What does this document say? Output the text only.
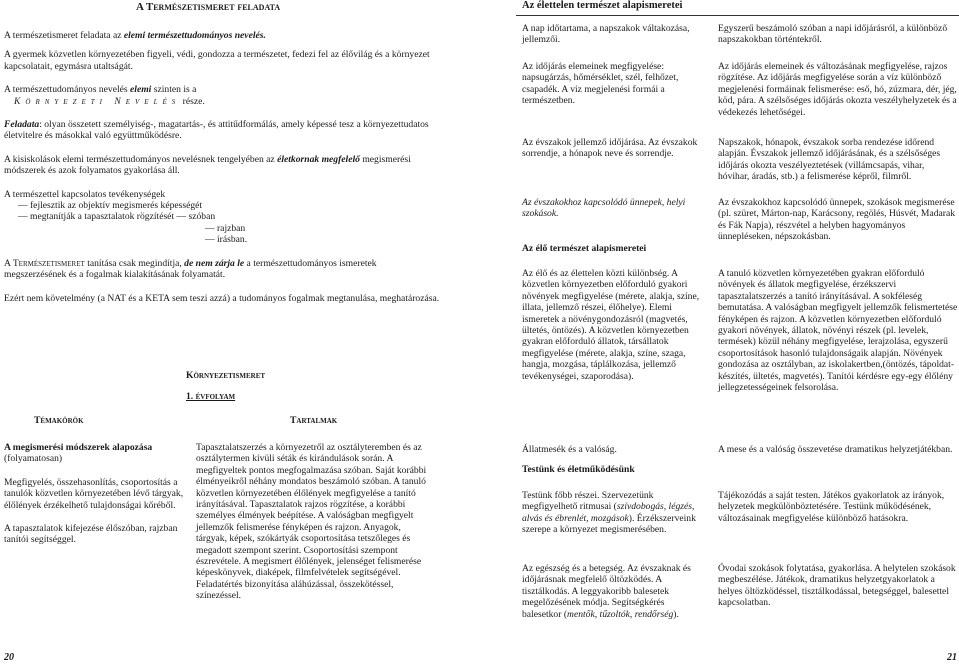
A Természetismeret feladata

A természetismeret feladata az elemi természettudományos nevelés.

A gyermek közvetlen környezetében figyeli, védi, gondozza a természetet, fedezi fel az élővilág és a környezet kapcsolatait, egymásra utaltságát.

A természettudományos nevelés elemi szinten is a

Környezeti Nevelés része.

Feladata: olyan összetett személyiség-, magatartás-, és attitűdformálás, amely képessé tesz a környezettudatos életvitelre és másokkal való együttműködésre.

A kisiskolások elemi természettudományos nevelésnek tengelyében az életkornak megfelelő megismerési módszerek és azok folyamatos gyakorlása áll.

A természettel kapcsolatos tevékenységek

— fejlesztik az objektív megismerés képességét

— megtanítják a tapasztalatok rögzítését — szóban

— rajzban

— írásban.

A Természetismeret tanítása csak megindítja, de nem zárja le a természettudományos ismeretek megszerzésének és a fogalmak kialakításának folyamatát.

Ezért nem követelmény (a NAT és a KETA sem teszi azzá) a tudományos fogalmak megtanulása, meghatározása.

Környezetismeret
1. évfolyam
Témakörök	Tartalmak

A megismerési módszerek alapozása

(folyamatosan)

Megfigyelés, összehasonlítás, csoportosítás a tanulók közvetlen környezetében lévő tárgyak, élőlények érzékelhető tulajdonságai kőréből.

A tapasztalatok kifejezése élőszóban, rajzban tanítói segítséggel.

Tapasztalatszerzés a környezetről az osztályteremben és az osztálytermen kívüli séták és kirándulások során. A megfigyeltek pontos megfogalmazása szóban. Saját korábbi élményeikről néhány mondatos beszámoló szóban. A tanuló közvetlen környezetében élőlények megfigyelése a tanító irányításával. Tapasztalatok rajzos rögzítése, a korábbi személyes élmények beépítése. A valóságban megfigyelt jellemzők felismerése fényképen és rajzon. Anyagok, tárgyak, képek, szókártyák csoportosítása tetszőleges és megadott szempont szerint. Csoportosítási szempont észrevétele. A megismert élőlények, jelenséget felismerése képeskönyvek, diaképek, filmfelvételek segítségével. Feladatértés bizonyítása aláhúzással, összekötéssel, színezéssel.

20
Az élettelen természet alapismeretei

A nap időtartama, a napszakok váltakozása, jellemzői.

Egyszerű beszámoló szóban a napi időjárásról, a különböző napszakokban történtekről.

Az időjárás elemeinek megfigyelése: napsugárzás, hőmérséklet, szél, felhőzet, csapadék. A víz megjelenési formái a természetben.

Az időjárás elemeinek és változásának megfigyelése, rajzos rögzítése. Az időjárás megfigyelése során a víz különböző megjelenési formáinak felismerése: eső, hó, zúzmara, dér, jég, köd, pára. A szélsőséges időjárás okozta veszélyhelyzetek és a védekezés lehetőségei.

Az évszakok jellemző időjárása. Az évszakok sorrendje, a hónapok neve és sorrendje.

Napszakok, hónapok, évszakok sorba rendezése időrend alapján. Évszakok jellemző időjárásának, és a szélsőséges időjárás okozta veszélyeztetések (villámcsapás, vihar, hóvihar, áradás, stb.) a felismerése képről, filmről.

Az évszakokhoz kapcsolódó ünnepek, helyi szokások.

Az évszakokhoz kapcsolódó ünnepek, szokások megismerése (pl. szüret, Márton-nap, Karácsony, regölés, Húsvét, Madarak és Fák Napja), részvétel a helyben hagyományos ünnepléseken, népszokásban.

Az élő természet alapismeretei

Az élő és az élettelen közti különbség. A közvetlen környezetben előforduló gyakori növények megfigyelése (mérete, alakja, színe, illata, jellemző részei, élőhelye). Elemi ismeretek a növénygondozásról (magvetés, ültetés, öntözés). A közvetlen környezetben gyakran előforduló állatok, társállatok megfigyelése (mérete, alakja, színe, szaga, hangja, mozgása, táplálkozása, jellemző tevékenységei, szaporodása).

A tanuló közvetlen környezetében gyakran előforduló növények és állatok megfigyelése, érzékszervi tapasztalatszerzés a tanító irányításával. A sokféleség bemutatása. A valóságban megfigyelt jellemzők felismertetése fényképen és rajzon. A közvetlen környezetben előforduló gyakori növények, állatok, növényi részek (pl. levelek, termések) közül néhány megfigyelése, lerajzolása, egyszerű csoportosítások hasonló tulajdonságaik alapján. Növények gondozása az osztályban, az iskolakertben,(öntözés, tápoldat-készítés, ültetés, magvetés). Tanítói kérdésre egy-egy élőlény jellegzetességeinek felsorolása.

Állatmesék és a valóság.	A mese és a valóság összevetése dramatikus helyzetjátékban.

Testünk és életműködésünk

Testünk főbb részei. Szervezetünk megfigyelhető ritmusai (szívdobogás, légzés, alvás és ébrenlét, mozgások). Érzékszerveink szerepe a környezet megismerésében.

Tájékozódás a saját testen. Játékos gyakorlatok az irányok, helyzetek megkülönböztetésére. Testünk működésének, változásainak megfigyelése különböző hatásokra.

Az egészség és a betegség. Az évszaknak és időjárásnak megfelelő öltözködés. A tisztálkodás. A leggyakoribb balesetek megelőzésének módja. Segítségkérés balesetkor (mentők, tűzoltók, rendőrség).

Óvodai szokások folytatása, gyakorlása. A helytelen szokások megbeszélése. Játékok, dramatikus helyzetgyakorlatok a helyes öltözködéssel, tisztálkodással, betegséggel, balesettel kapcsolatban.

21
